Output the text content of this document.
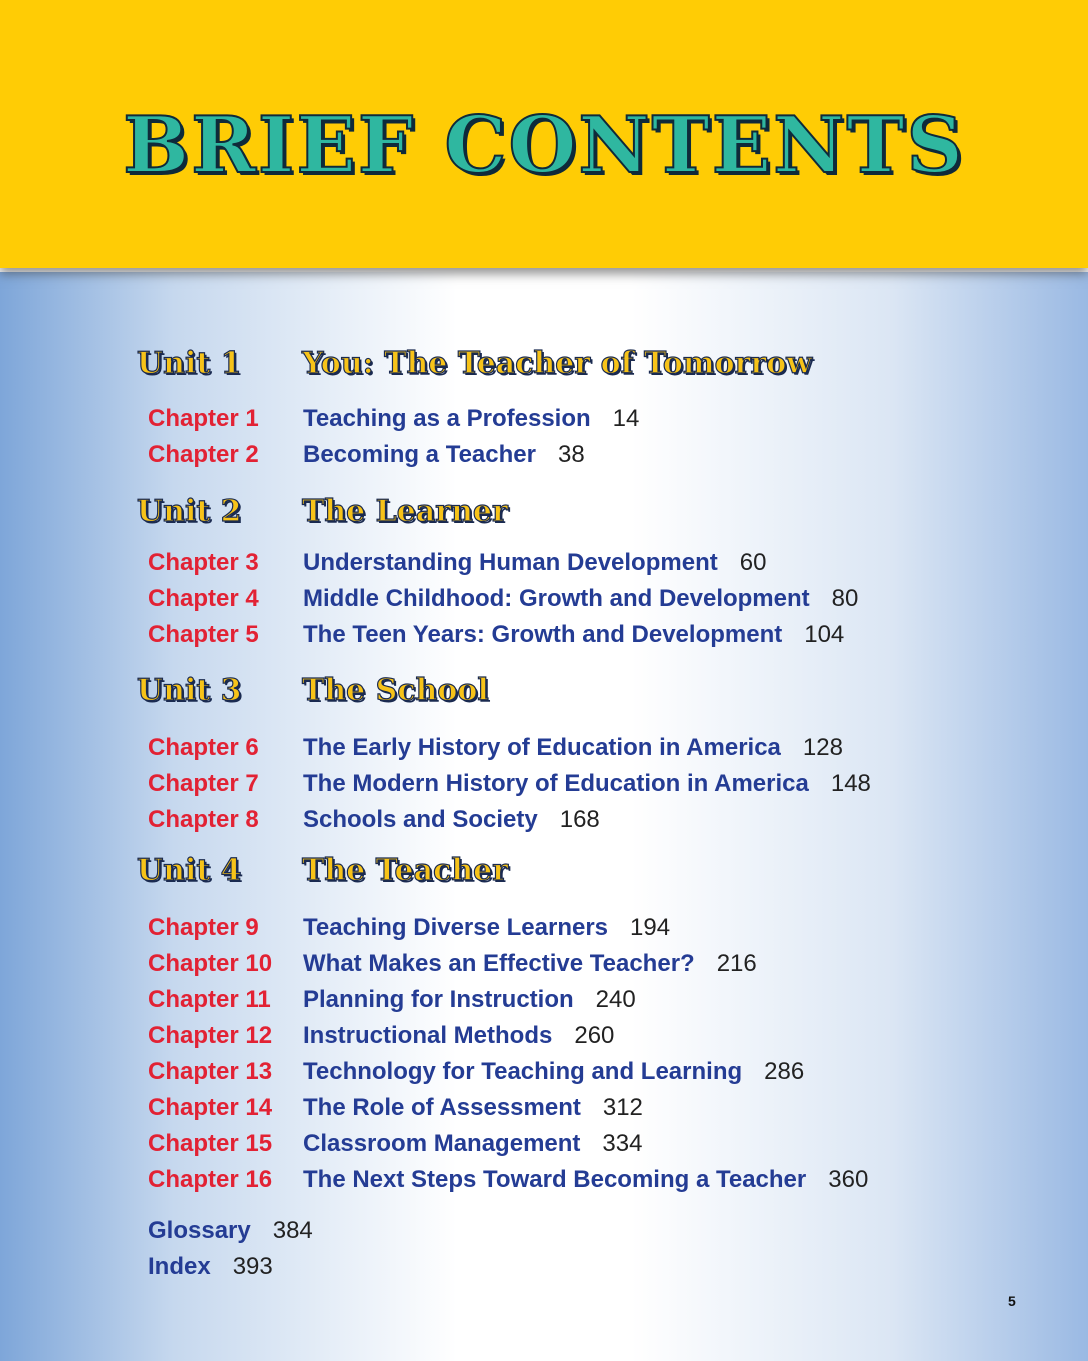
BRIEF CONTENTS
Unit 1 You: The Teacher of Tomorrow
Chapter 1 Teaching as a Profession 14
Chapter 2 Becoming a Teacher 38
Unit 2 The Learner
Chapter 3 Understanding Human Development 60
Chapter 4 Middle Childhood: Growth and Development 80
Chapter 5 The Teen Years: Growth and Development 104
Unit 3 The School
Chapter 6 The Early History of Education in America 128
Chapter 7 The Modern History of Education in America 148
Chapter 8 Schools and Society 168
Unit 4 The Teacher
Chapter 9 Teaching Diverse Learners 194
Chapter 10 What Makes an Effective Teacher? 216
Chapter 11 Planning for Instruction 240
Chapter 12 Instructional Methods 260
Chapter 13 Technology for Teaching and Learning 286
Chapter 14 The Role of Assessment 312
Chapter 15 Classroom Management 334
Chapter 16 The Next Steps Toward Becoming a Teacher 360
Glossary 384
Index 393
5
